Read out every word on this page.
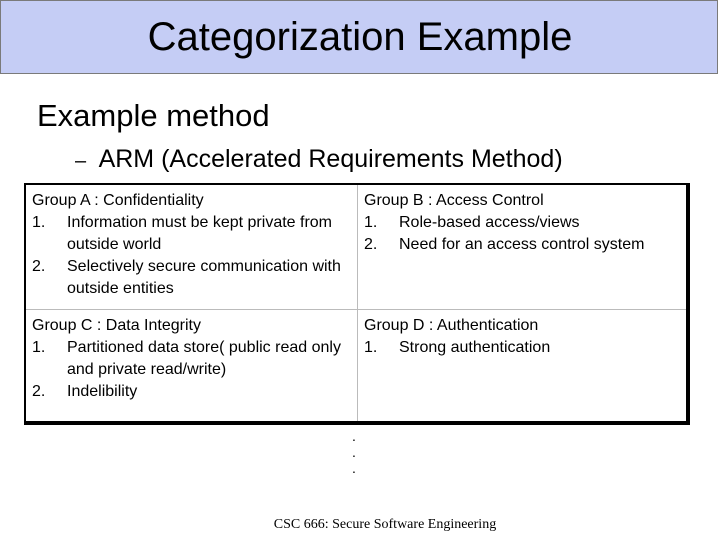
Categorization Example
Example method
– ARM (Accelerated Requirements Method)
Group A : Confidentiality
1. Information must be kept private from outside world
2. Selectively secure communication with outside entities
Group B : Access Control
1. Role-based access/views
2. Need for an access control system
Group C : Data Integrity
1. Partitioned data store( public read only and private read/write)
2. Indelibility
Group D : Authentication
1. Strong authentication
.
.
.
CSC 666: Secure Software Engineering
